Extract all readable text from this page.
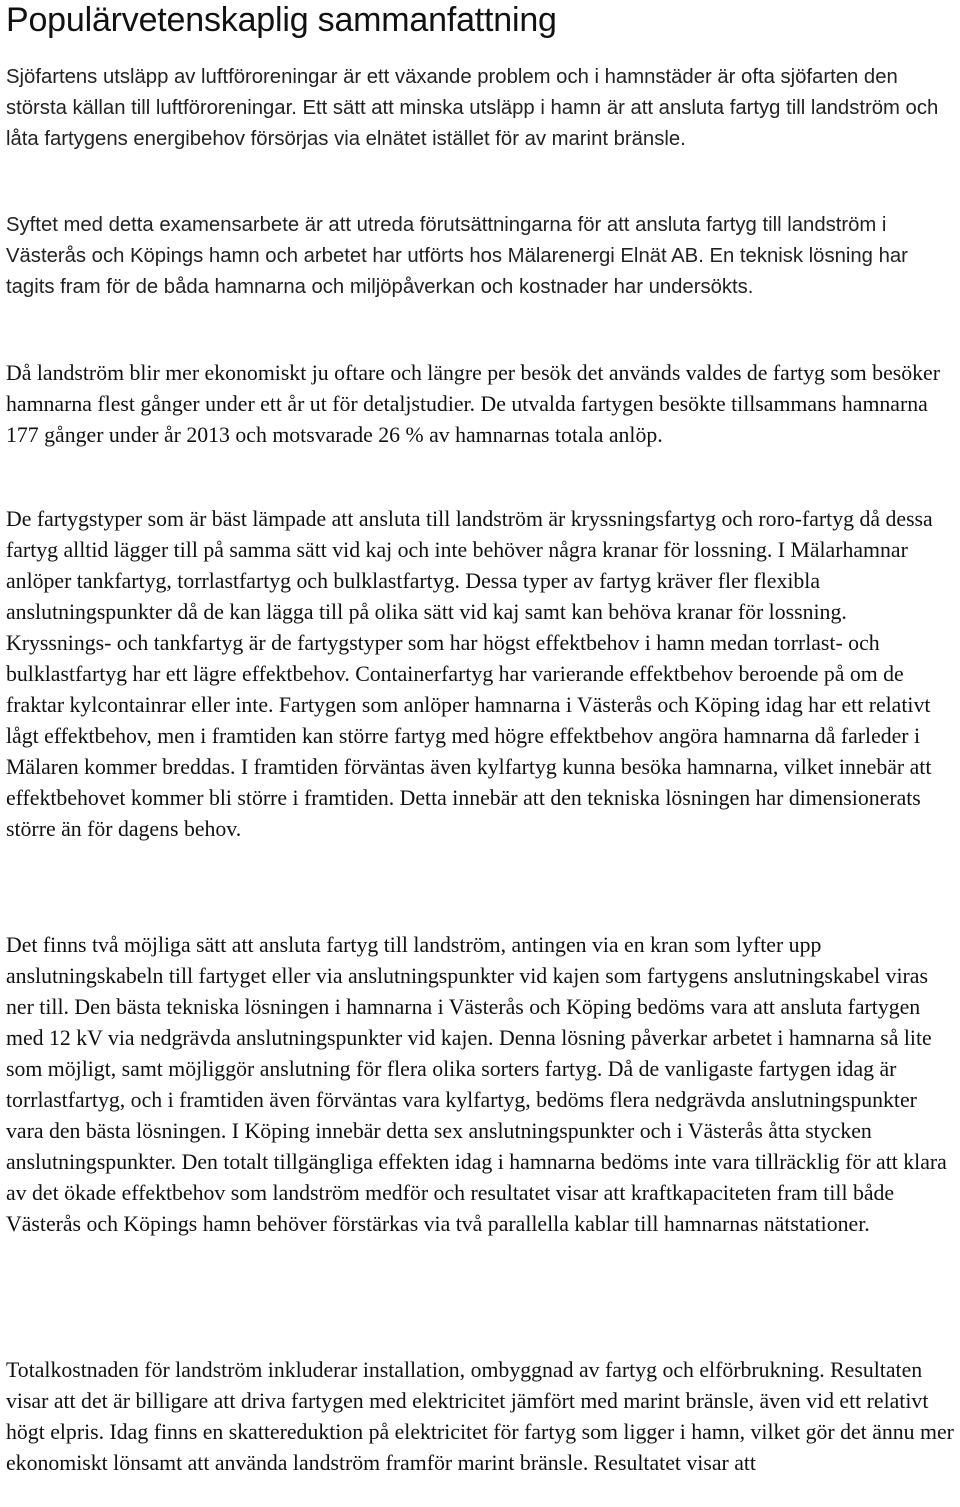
Populärvetenskaplig sammanfattning

Sjöfartens utsläpp av luftföroreningar är ett växande problem och i hamnstäder är ofta sjöfarten den största källan till luftföroreningar. Ett sätt att minska utsläpp i hamn är att ansluta fartyg till landström och låta fartygens energibehov försörjas via elnätet istället för av marint bränsle.

Syftet med detta examensarbete är att utreda förutsättningarna för att ansluta fartyg till landström i Västerås och Köpings hamn och arbetet har utförts hos Mälarenergi Elnät AB. En teknisk lösning har tagits fram för de båda hamnarna och miljöpåverkan och kostnader har undersökts.

Då landström blir mer ekonomiskt ju oftare och längre per besök det används valdes de fartyg som besöker hamnarna flest gånger under ett år ut för detaljstudier. De utvalda fartygen besökte tillsammans hamnarna 177 gånger under år 2013 och motsvarade 26 % av hamnarnas totala anlöp.

De fartygstyper som är bäst lämpade att ansluta till landström är kryssningsfartyg och roro-fartyg då dessa fartyg alltid lägger till på samma sätt vid kaj och inte behöver några kranar för lossning. I Mälarhamnar anlöper tankfartyg, torrlastfartyg och bulklastfartyg. Dessa typer av fartyg kräver fler flexibla anslutningspunkter då de kan lägga till på olika sätt vid kaj samt kan behöva kranar för lossning. Kryssnings- och tankfartyg är de fartygstyper som har högst effektbehov i hamn medan torrlast- och bulklastfartyg har ett lägre effektbehov. Containerfartyg har varierande effektbehov beroende på om de fraktar kylcontainrar eller inte. Fartygen som anlöper hamnarna i Västerås och Köping idag har ett relativt lågt effektbehov, men i framtiden kan större fartyg med högre effektbehov angöra hamnarna då farleder i Mälaren kommer breddas. I framtiden förväntas även kylfartyg kunna besöka hamnarna, vilket innebär att effektbehovet kommer bli större i framtiden. Detta innebär att den tekniska lösningen har dimensionerats större än för dagens behov.

Det finns två möjliga sätt att ansluta fartyg till landström, antingen via en kran som lyfter upp anslutningskabeln till fartyget eller via anslutningspunkter vid kajen som fartygens anslutningskabel viras ner till. Den bästa tekniska lösningen i hamnarna i Västerås och Köping bedöms vara att ansluta fartygen med 12 kV via nedgrävda anslutningspunkter vid kajen. Denna lösning påverkar arbetet i hamnarna så lite som möjligt, samt möjliggör anslutning för flera olika sorters fartyg. Då de vanligaste fartygen idag är torrlastfartyg, och i framtiden även förväntas vara kylfartyg, bedöms flera nedgrävda anslutningspunkter vara den bästa lösningen. I Köping innebär detta sex anslutningspunkter och i Västerås åtta stycken anslutningspunkter. Den totalt tillgängliga effekten idag i hamnarna bedöms inte vara tillräcklig för att klara av det ökade effektbehov som landström medför och resultatet visar att kraftkapaciteten fram till både Västerås och Köpings hamn behöver förstärkas via två parallella kablar till hamnarnas nätstationer.

Totalkostnaden för landström inkluderar installation, ombyggnad av fartyg och elförbrukning. Resultaten visar att det är billigare att driva fartygen med elektricitet jämfört med marint bränsle, även vid ett relativt högt elpris. Idag finns en skattereduktion på elektricitet för fartyg som ligger i hamn, vilket gör det ännu mer ekonomiskt lönsamt att använda landström framför marint bränsle. Resultatet visar att
